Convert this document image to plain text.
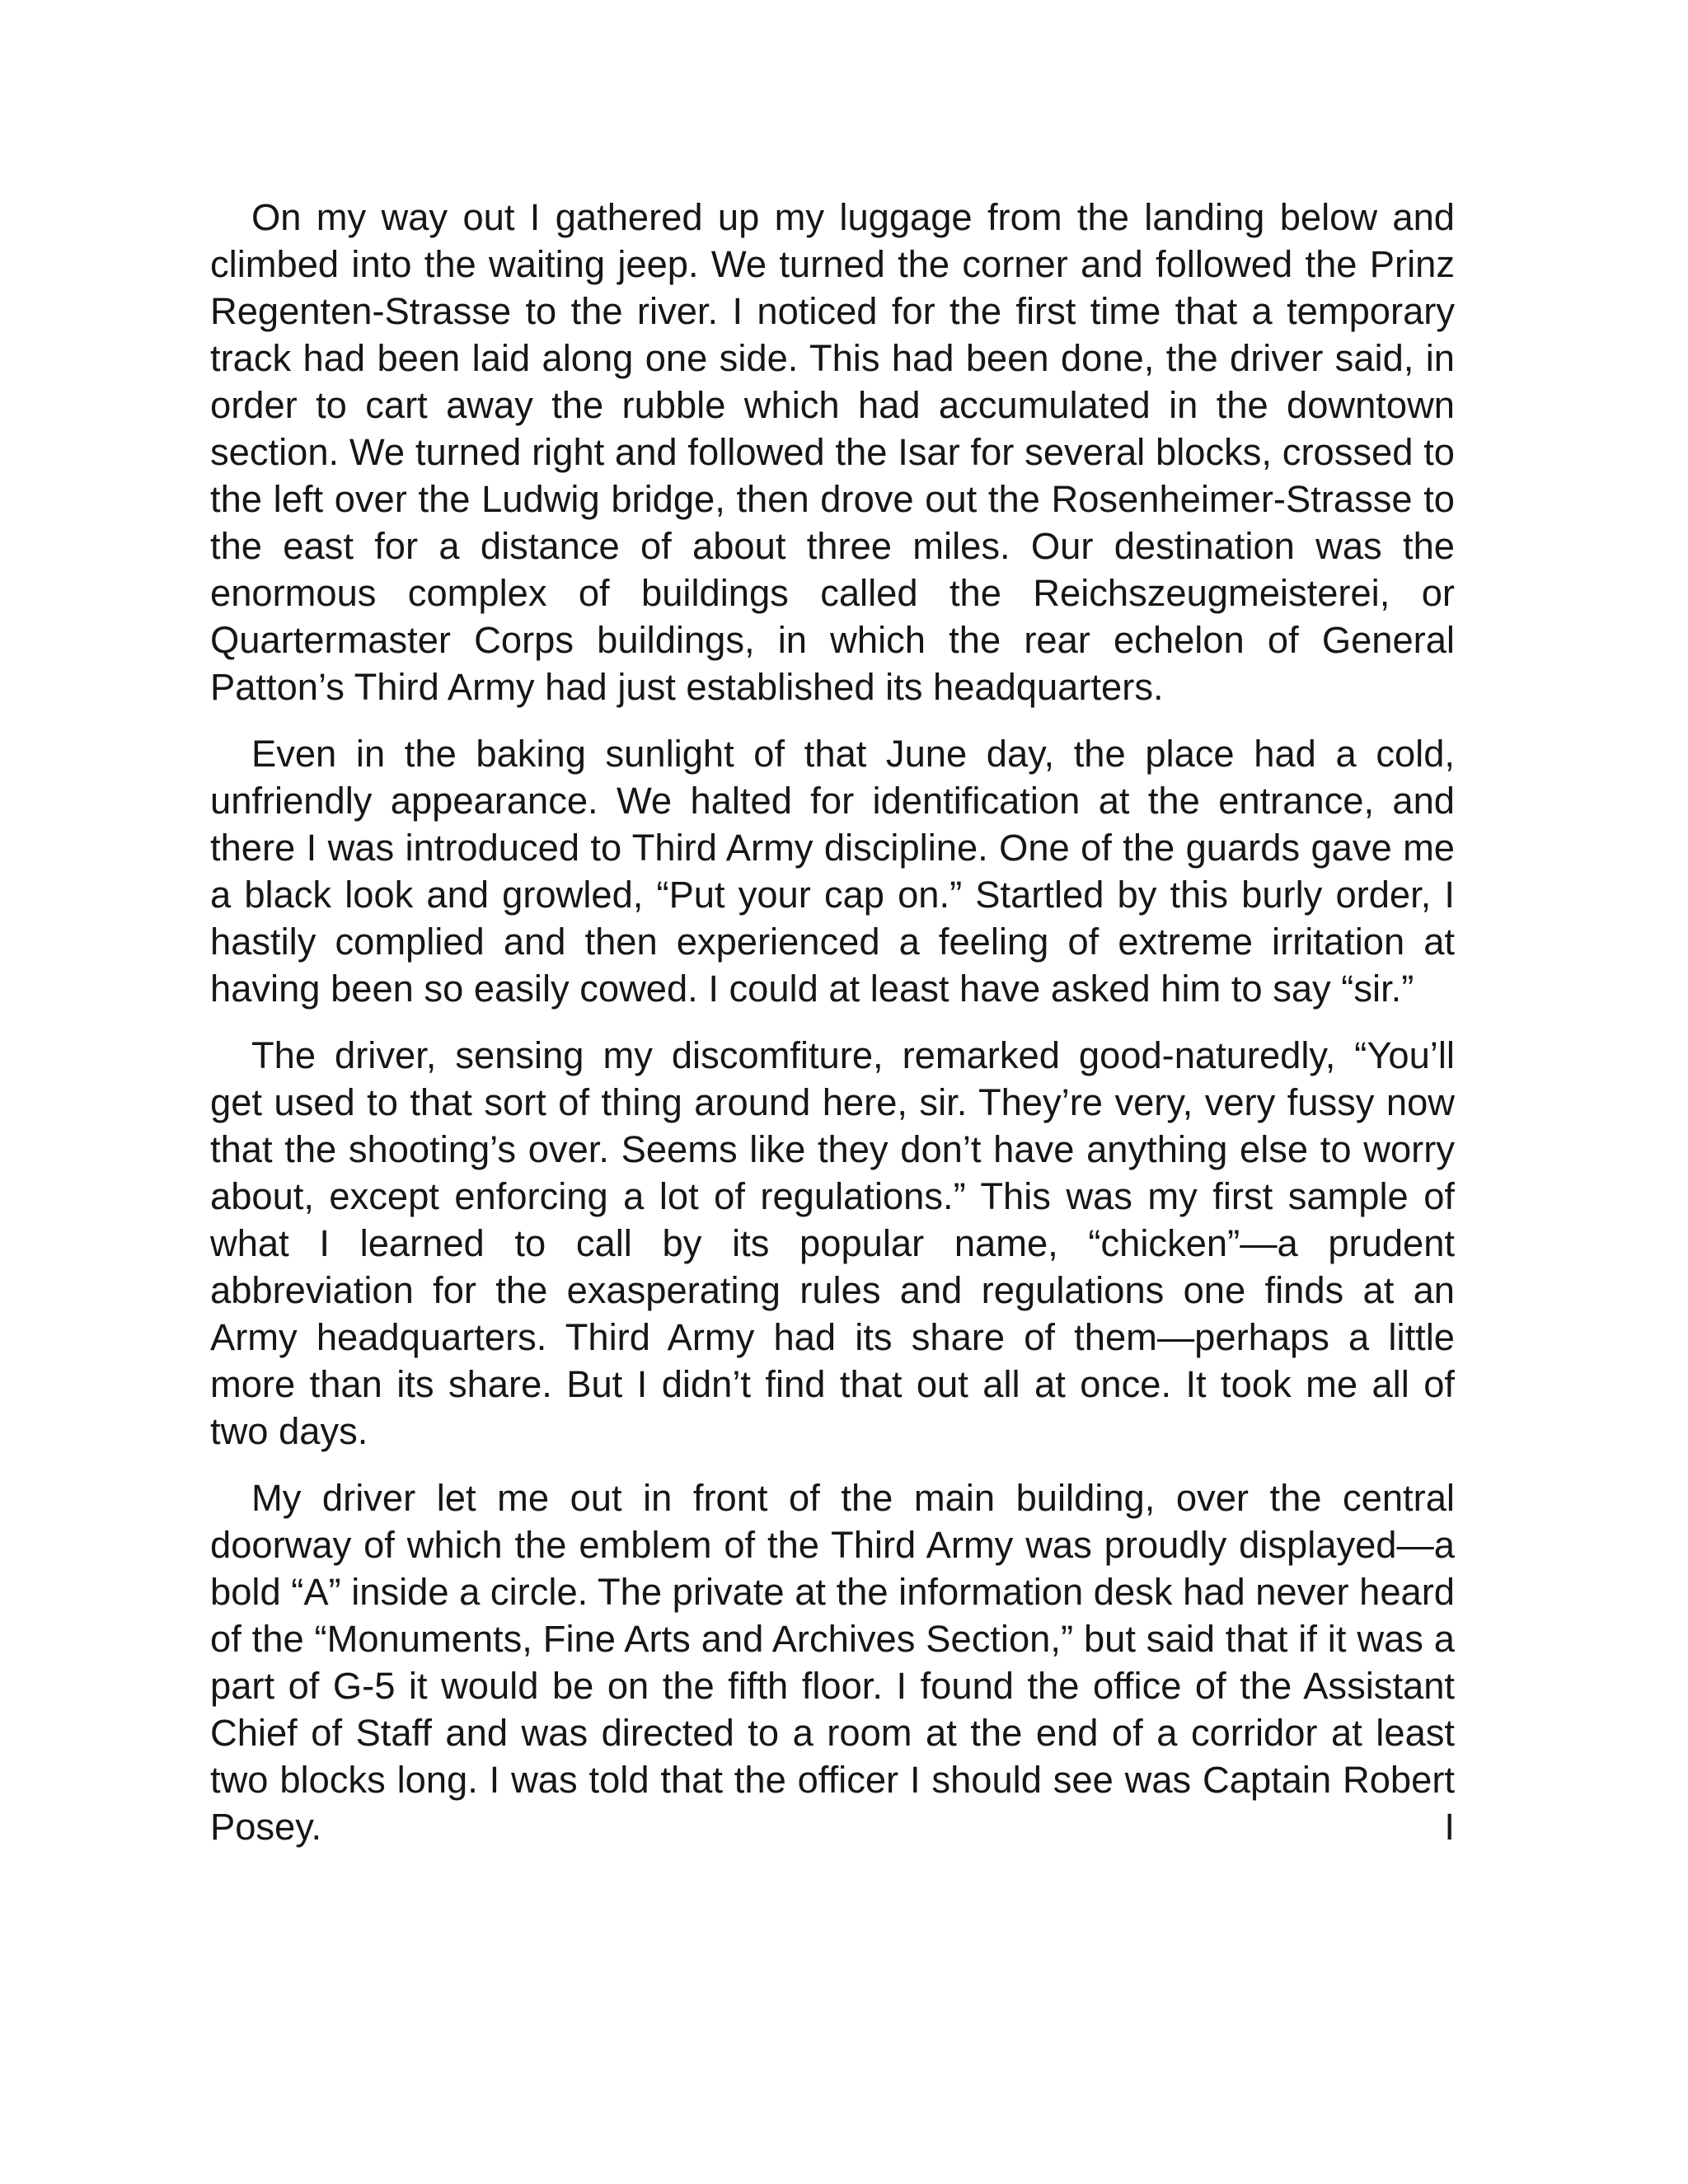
On my way out I gathered up my luggage from the landing below and climbed into the waiting jeep. We turned the corner and followed the Prinz Regenten-Strasse to the river. I noticed for the first time that a temporary track had been laid along one side. This had been done, the driver said, in order to cart away the rubble which had accumulated in the downtown section. We turned right and followed the Isar for several blocks, crossed to the left over the Ludwig bridge, then drove out the Rosenheimer-Strasse to the east for a distance of about three miles. Our destination was the enormous complex of buildings called the Reichszeugmeisterei, or Quartermaster Corps buildings, in which the rear echelon of General Patton’s Third Army had just established its headquarters.

Even in the baking sunlight of that June day, the place had a cold, unfriendly appearance. We halted for identification at the entrance, and there I was introduced to Third Army discipline. One of the guards gave me a black look and growled, “Put your cap on.” Startled by this burly order, I hastily complied and then experienced a feeling of extreme irritation at having been so easily cowed. I could at least have asked him to say “sir.”

The driver, sensing my discomfiture, remarked good-naturedly, “You’ll get used to that sort of thing around here, sir. They’re very, very fussy now that the shooting’s over. Seems like they don’t have anything else to worry about, except enforcing a lot of regulations.” This was my first sample of what I learned to call by its popular name, “chicken”—a prudent abbreviation for the exasperating rules and regulations one finds at an Army headquarters. Third Army had its share of them—perhaps a little more than its share. But I didn’t find that out all at once. It took me all of two days.

My driver let me out in front of the main building, over the central doorway of which the emblem of the Third Army was proudly displayed—a bold “A” inside a circle. The private at the information desk had never heard of the “Monuments, Fine Arts and Archives Section,” but said that if it was a part of G-5 it would be on the fifth floor. I found the office of the Assistant Chief of Staff and was directed to a room at the end of a corridor at least two blocks long. I was told that the officer I should see was Captain Robert Posey. I
